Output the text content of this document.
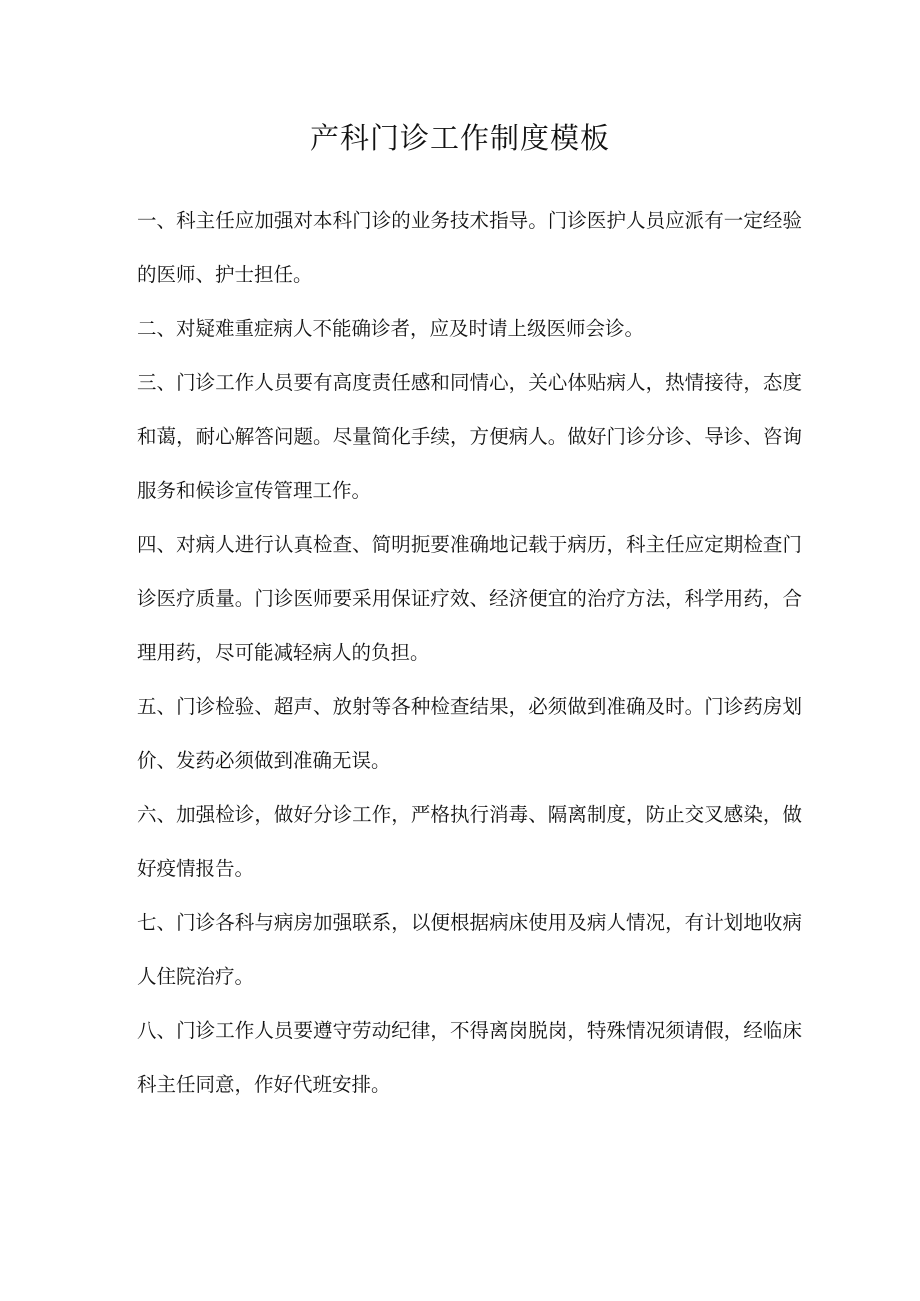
产科门诊工作制度模板

一、科主任应加强对本科门诊的业务技术指导。门诊医护人员应派有一定经验的医师、护士担任。

二、对疑难重症病人不能确诊者，应及时请上级医师会诊。

三、门诊工作人员要有高度责任感和同情心，关心体贴病人，热情接待，态度和蔼，耐心解答问题。尽量简化手续，方便病人。做好门诊分诊、导诊、咨询服务和候诊宣传管理工作。

四、对病人进行认真检查、简明扼要准确地记载于病历，科主任应定期检查门诊医疗质量。门诊医师要采用保证疗效、经济便宜的治疗方法，科学用药，合理用药，尽可能减轻病人的负担。

五、门诊检验、超声、放射等各种检查结果，必须做到准确及时。门诊药房划价、发药必须做到准确无误。

六、加强检诊，做好分诊工作，严格执行消毒、隔离制度，防止交叉感染，做好疫情报告。

七、门诊各科与病房加强联系，以便根据病床使用及病人情况，有计划地收病人住院治疗。

八、门诊工作人员要遵守劳动纪律，不得离岗脱岗，特殊情况须请假，经临床科主任同意，作好代班安排。
